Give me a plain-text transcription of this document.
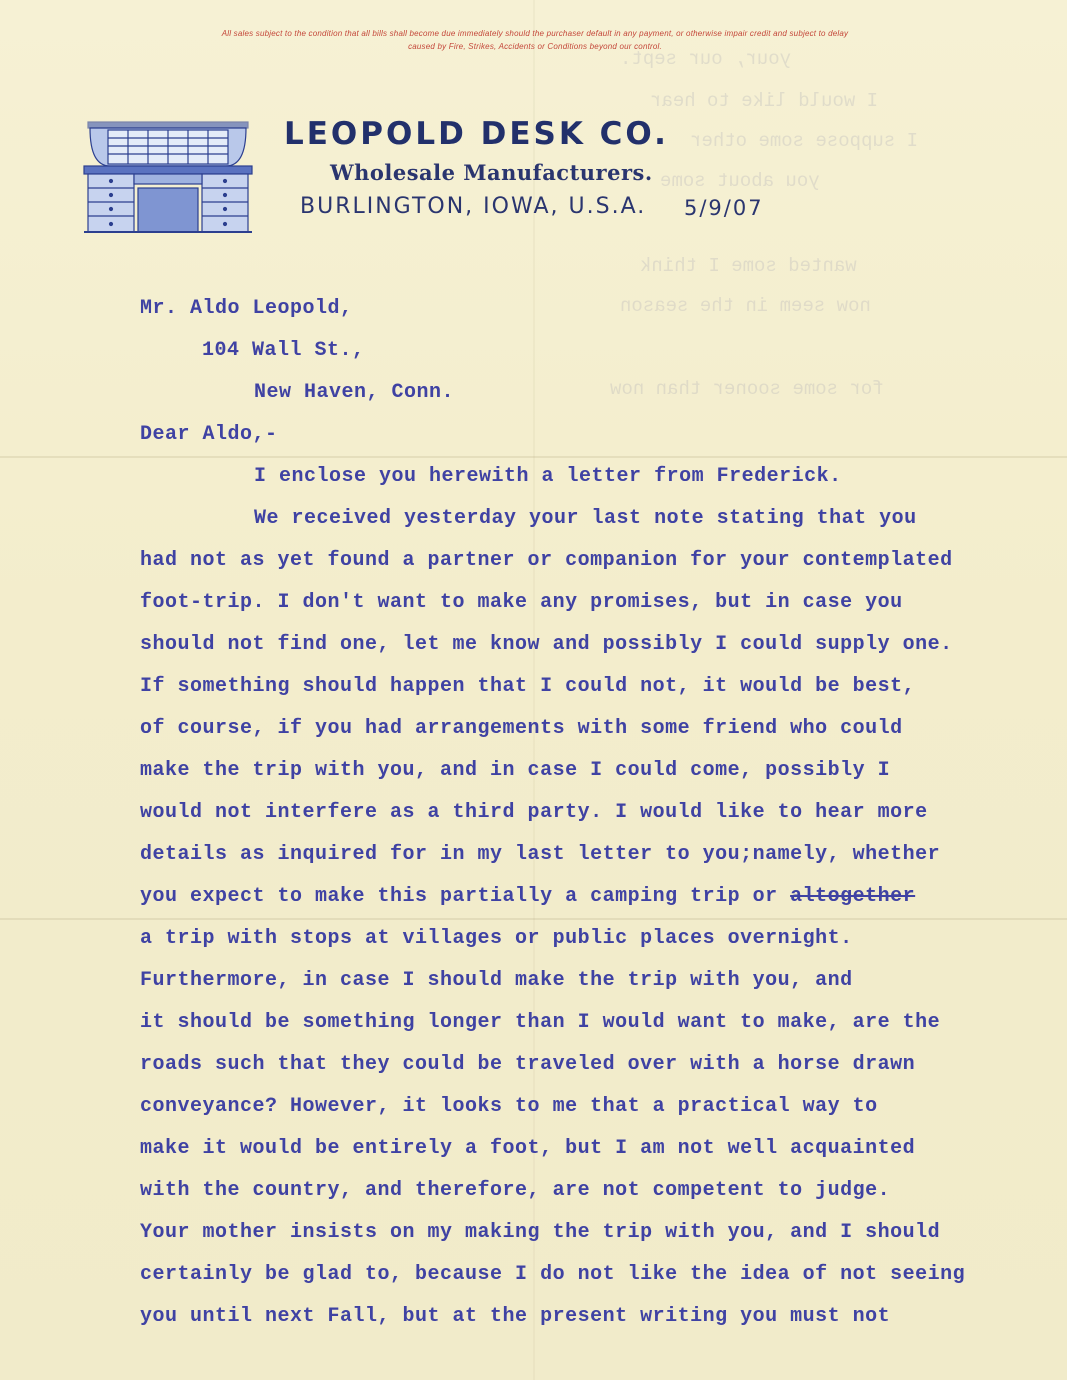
your, our sept.
I would like to hear
I suppose some other
you about some
wanted some I think
now seem in the season
for some sooner than now
All sales subject to the condition that all bills shall become due immediately should the purchaser default in any payment, or otherwise impair credit and subject to delay
caused by Fire, Strikes, Accidents or Conditions beyond our control.
LEOPOLD DESK CO.
Wholesale Manufacturers.
BURLINGTON, IOWA, U.S.A. 5/9/07
Mr. Aldo Leopold,
104 Wall St.,
New Haven, Conn.
Dear Aldo,-
I enclose you herewith a letter from Frederick.
We received yesterday your last note stating that you
had not as yet found a partner or companion for your contemplated
foot-trip. I don't want to make any promises, but in case you
should not find one, let me know and possibly I could supply one.
If something should happen that I could not, it would be best,
of course, if you had arrangements with some friend who could
make the trip with you, and in case I could come, possibly I
would not interfere as a third party. I would like to hear more
details as inquired for in my last letter to you;namely, whether
you expect to make this partially a camping trip or altogether
a trip with stops at villages or public places overnight.
Furthermore, in case I should make the trip with you, and
it should be something longer than I would want to make, are the
roads such that they could be traveled over with a horse drawn
conveyance? However, it looks to me that a practical way to
make it would be entirely a foot, but I am not well acquainted
with the country, and therefore, are not competent to judge.
Your mother insists on my making the trip with you, and I should
certainly be glad to, because I do not like the idea of not seeing
you until next Fall, but at the present writing you must not
